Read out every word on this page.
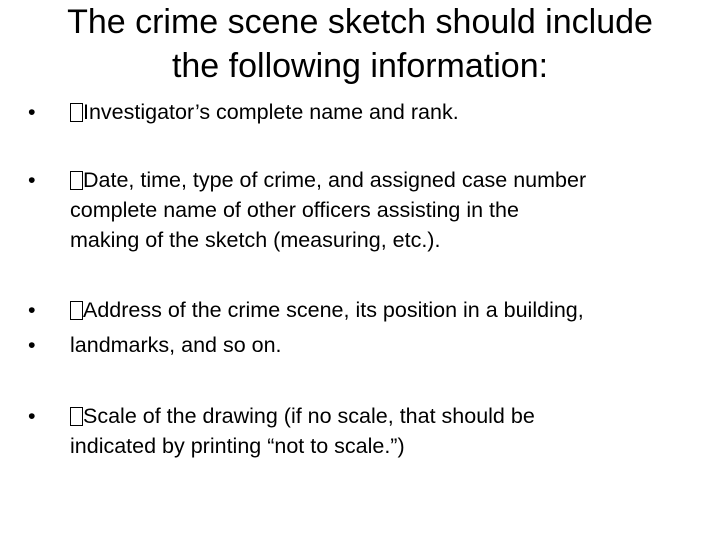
The crime scene sketch should include
the following information:
•	Investigator’s complete name and rank.
•	Date, time, type of crime, and assigned case number
complete name of other officers assisting in the
making of the sketch (measuring, etc.).
•	Address of the crime scene, its position in a building,
• landmarks, and so on.
•	Scale of the drawing (if no scale, that should be
indicated by printing “not to scale.”)
